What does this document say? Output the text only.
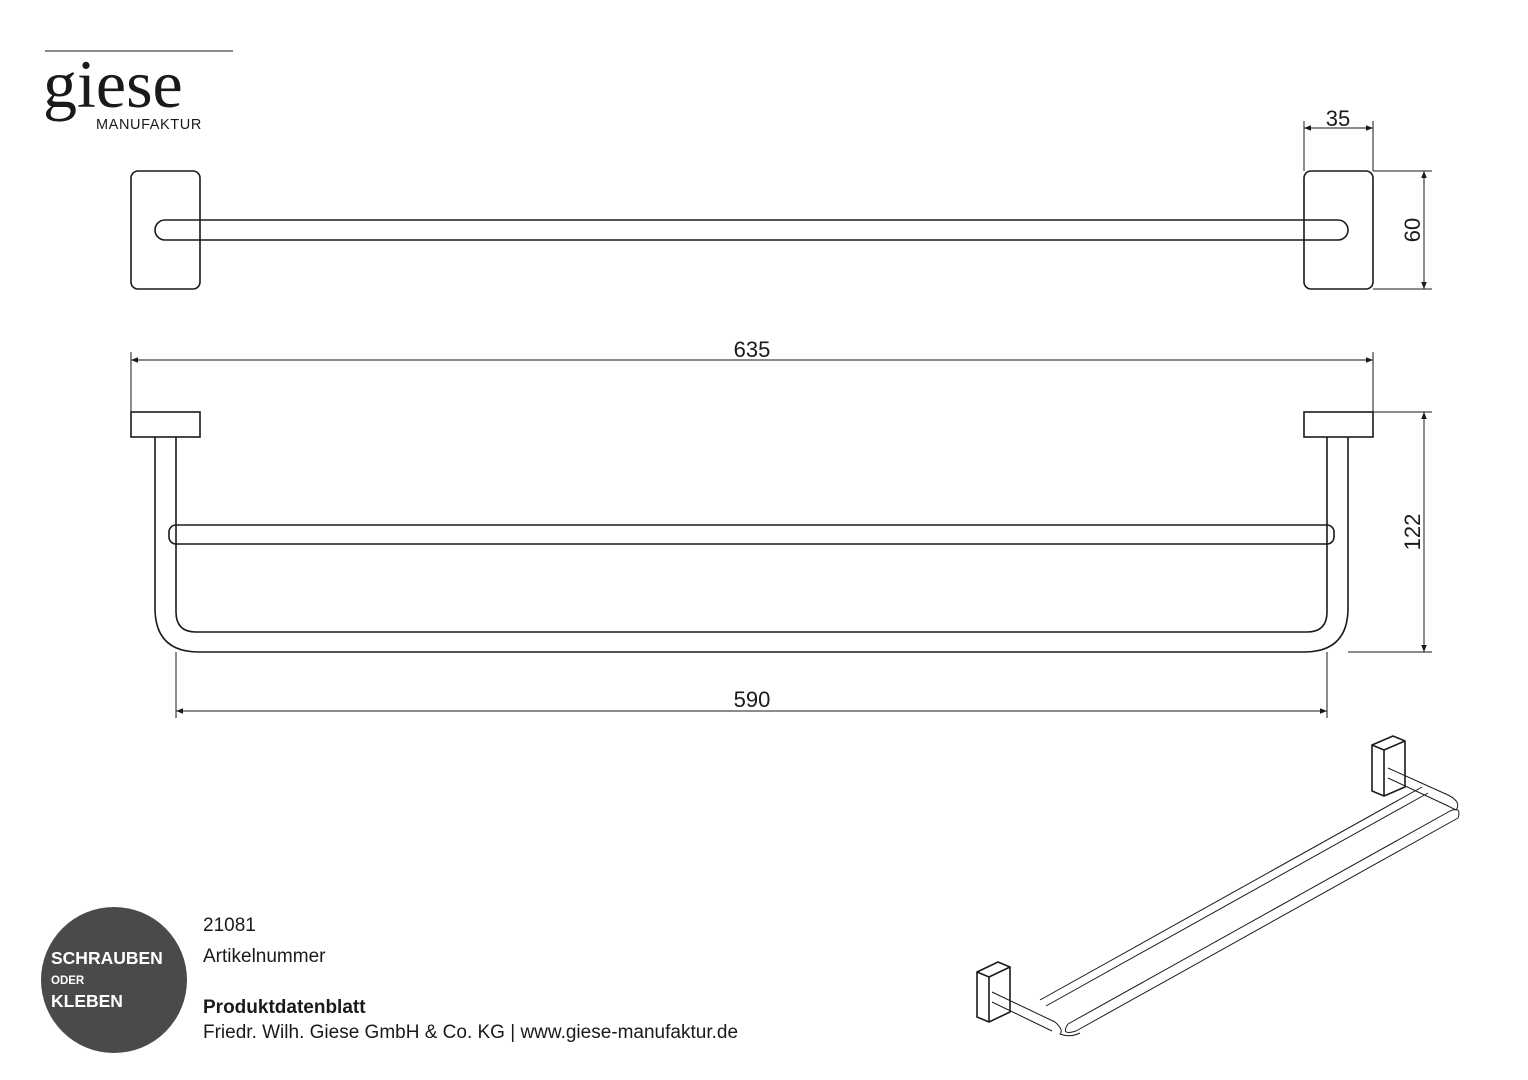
giese
MANUFAKTUR	35
60
635
122
590
SCHRAUBEN
ODER
KLEBEN
21081
Artikelnummer
Produktdatenblatt
Friedr. Wilh. Giese GmbH & Co. KG | www.giese-manufaktur.de
